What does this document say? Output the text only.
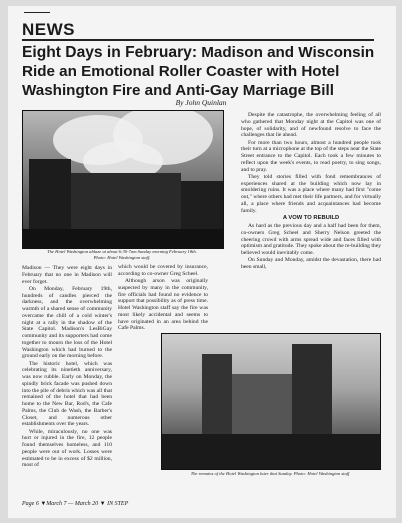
NEWS
Eight Days in February: Madison and Wisconsin Ride an Emotional Roller Coaster with Hotel Washington Fire and Anti-Gay Marriage Bill
By John Quinlan
The Hotel Washington ablaze at about 6:30-7am Sunday morning February 18th.
Photo: Hotel Washington staff.

Madison — They were eight days in February that no one in Madison will ever forget.

On Monday, February 19th, hundreds of candles pierced the darkness, and the overwhelming warmth of a shared sense of community overcame the chill of a cold winter's night at a rally in the shadow of the State Capitol. Madison's LesBiGay community and its supporters had come together to mourn the loss of the Hotel Washington which had burned to the ground early on the morning before.

The historic hotel, which was celebrating its ninetieth anniversary, was now rubble. Early on Monday, the spindly brick facade was pushed down into the pile of debris which was all that remained of the hotel that had been home to the New Bar, Rod's, the Cafe Palms, the Club de Wash, the Barber's Closet, and numerous other establishments over the years.

While, miraculously, no one was hurt or injured in the fire, 12 people found themselves homeless, and 110 people were out of work. Losses were estimated to be in excess of $2 million, most of

which would be covered by insurance, according to co-owner Greg Scheel.

Although arson was originally suspected by many in the community, fire officials had found no evidence to support that possibility as of press time. Hotel Washington staff say the fire was most likely accidental and seems to have originated in an area behind the Cafe Palms.

Despite the catastrophe, the overwhelming feeling of all who gathered that Monday night at the Capitol was one of hope, of solidarity, and of newfound resolve to face the challenges that lie ahead.

For more than two hours, almost a hundred people took their turn at a microphone at the top of the steps near the State Street entrance to the Capitol. Each took a few minutes to reflect upon the week's events, to read poetry, to sing songs, and to pray.

They told stories filled with fond remembrances of experiences shared at the building which now lay in smoldering ruins. It was a place where many had first "come out," where others had met their life partners, and for virtually all, a place where friends and acquaintances had become family.

A VOW TO REBUILD

As hard as the previous day and a half had been for them, co-owners Greg Scheel and Sherry Nelson greeted the cheering crowd with arms spread wide and faces filled with optimism and gratitude. They spoke about the re-building they believed would inevitably come.

On Sunday and Monday, amidst the devastation, there had been small,

The remains of the Hotel Washington later that Sunday. Photo: Hotel Washington staff
Page 6 ▼March 7 — March 20 ▼ IN STEP
